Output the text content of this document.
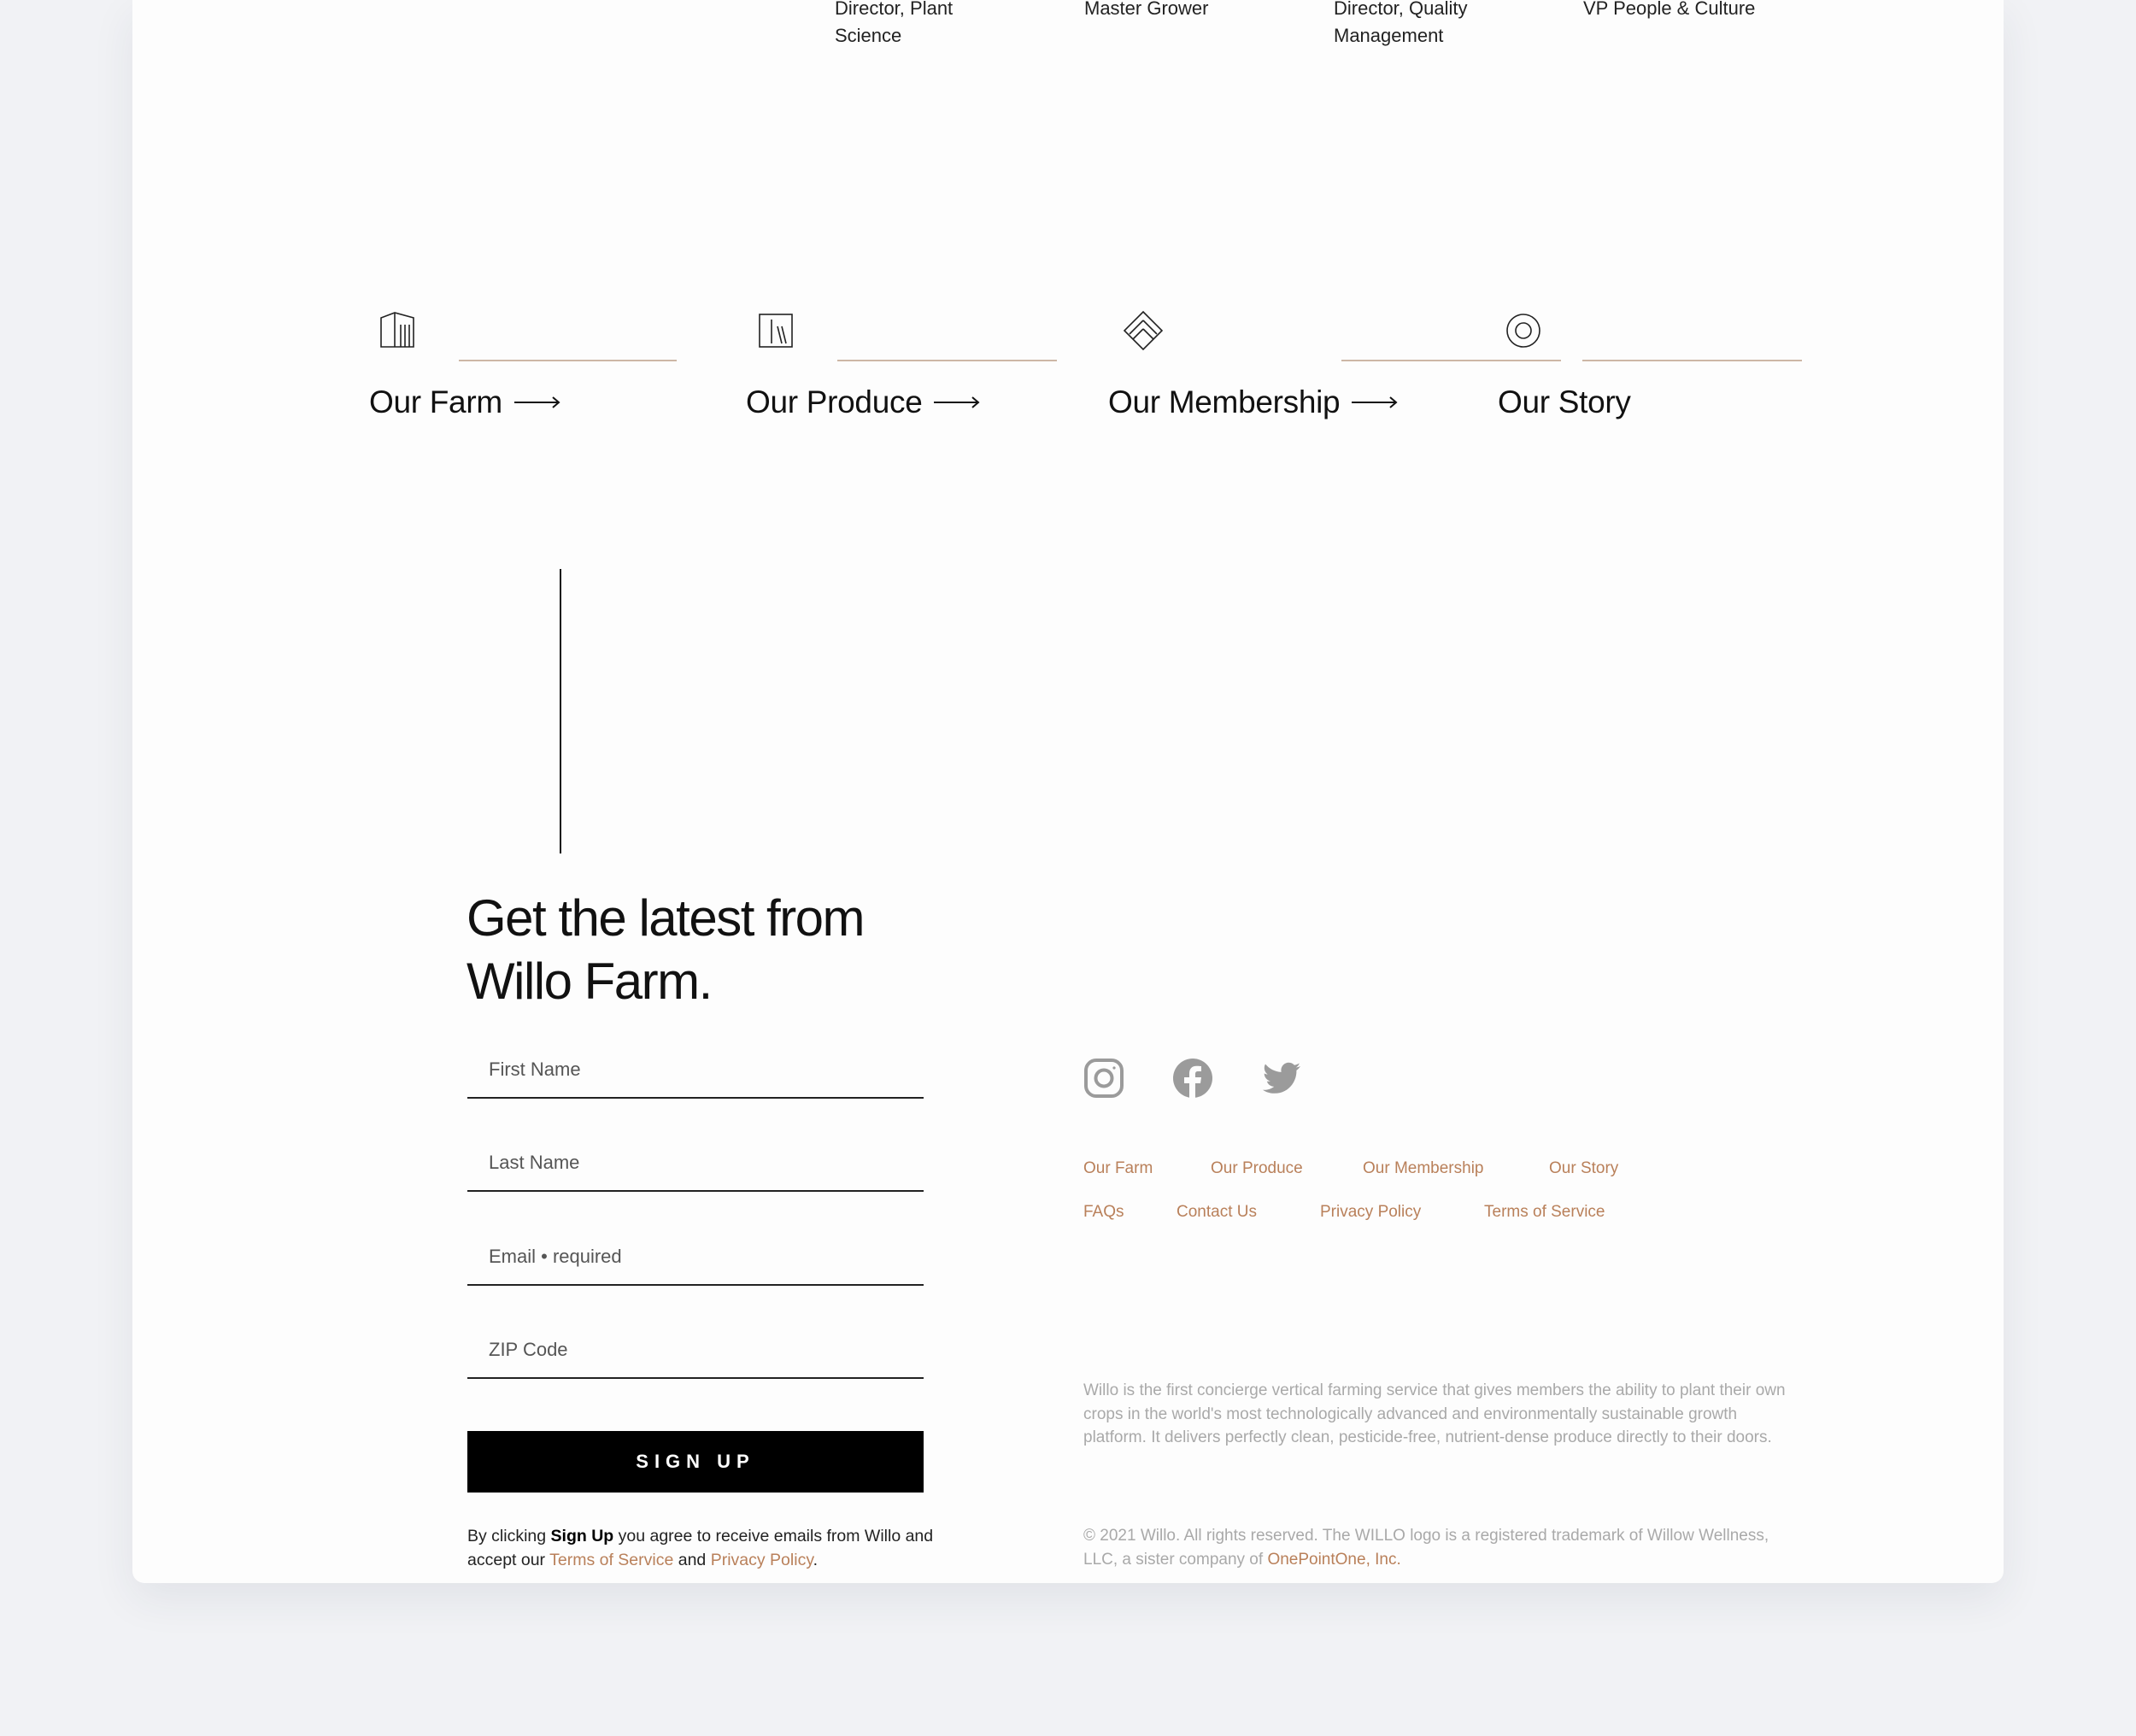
Director, Plant Science
Master Grower	Director, Quality Management
VP People & Culture
Our Farm	Our Produce	Our Membership	Our Story
Get the latest from Willo Farm.
First Name
Last Name
Email • required
ZIP Code
SIGN UP
By clicking Sign Up you agree to receive emails from Willo and accept our Terms of Service and Privacy Policy.
Our Farm	Our Produce	Our Membership	Our Story
FAQs	Contact Us	Privacy Policy	Terms of Service
Willo is the first concierge vertical farming service that gives members the ability to plant their own crops in the world's most technologically advanced and environmentally sustainable growth platform. It delivers perfectly clean, pesticide-free, nutrient-dense produce directly to their doors.
© 2021 Willo. All rights reserved. The WILLO logo is a registered trademark of Willow Wellness, LLC, a sister company of OnePointOne, Inc.
